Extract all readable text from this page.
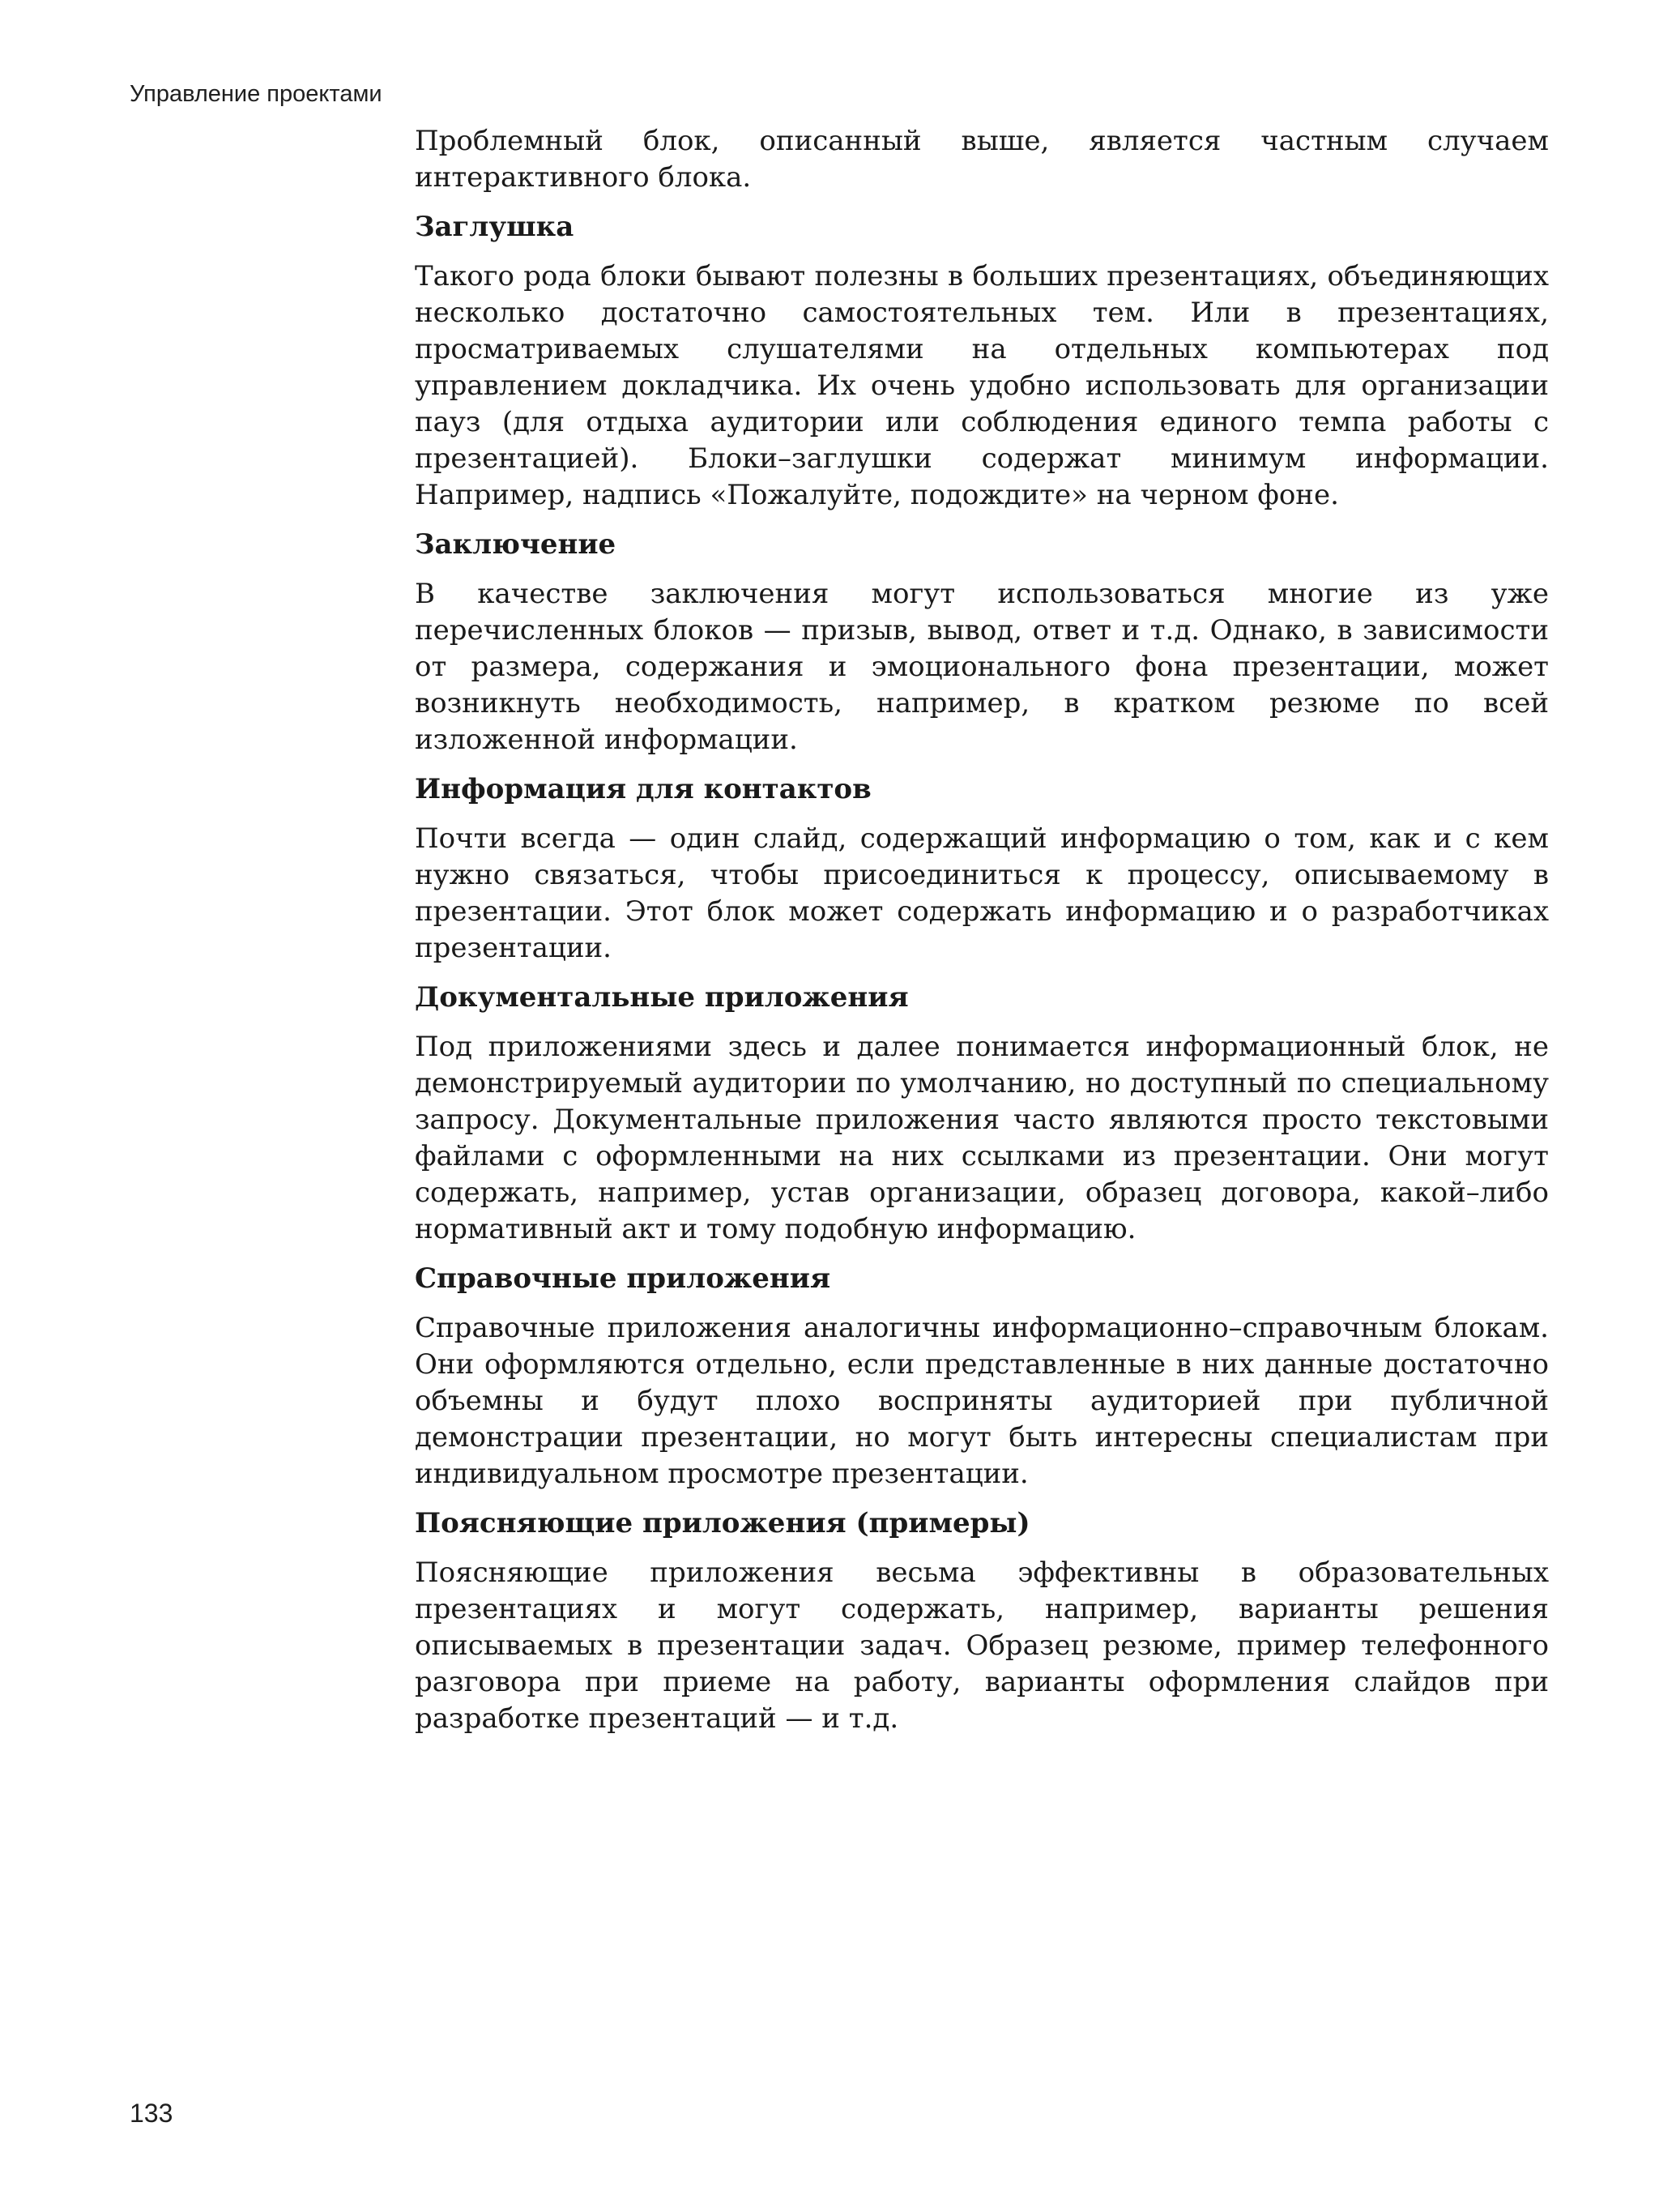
Управление проектами

Проблемный блок, описанный выше, является частным случаем интерактивного блока.

Заглушка

Такого рода блоки бывают полезны в больших презентациях, объединяющих несколько достаточно самостоятельных тем. Или в презентациях, просматриваемых слушателями на отдельных компьютерах под управлением докладчика. Их очень удобно использовать для организации пауз (для отдыха аудитории или соблюдения единого темпа работы с презентацией). Блоки–заглушки содержат минимум информации. Например, надпись «Пожалуйте, подождите» на черном фоне.

Заключение

В качестве заключения могут использоваться многие из уже перечисленных блоков — призыв, вывод, ответ и т.д. Однако, в зависимости от размера, содержания и эмоционального фона презентации, может возникнуть необходимость, например, в кратком резюме по всей изложенной информации.

Информация для контактов

Почти всегда — один слайд, содержащий информацию о том, как и с кем нужно связаться, чтобы присоединиться к процессу, описываемому в презентации. Этот блок может содержать информацию и о разработчиках презентации.

Документальные приложения

Под приложениями здесь и далее понимается информационный блок, не демонстрируемый аудитории по умолчанию, но доступный по специальному запросу. Документальные приложения часто являются просто текстовыми файлами с оформленными на них ссылками из презентации. Они могут содержать, например, устав организации, образец договора, какой–либо нормативный акт и тому подобную информацию.

Справочные приложения

Справочные приложения аналогичны информационно–справочным блокам. Они оформляются отдельно, если представленные в них данные достаточно объемны и будут плохо восприняты аудиторией при публичной демонстрации презентации, но могут быть интересны специалистам при индивидуальном просмотре презентации.

Поясняющие приложения (примеры)

Поясняющие приложения весьма эффективны в образовательных презентациях и могут содержать, например, варианты решения описываемых в презентации задач. Образец резюме, пример телефонного разговора при приеме на работу, варианты оформления слайдов при разработке презентаций — и т.д.

133
